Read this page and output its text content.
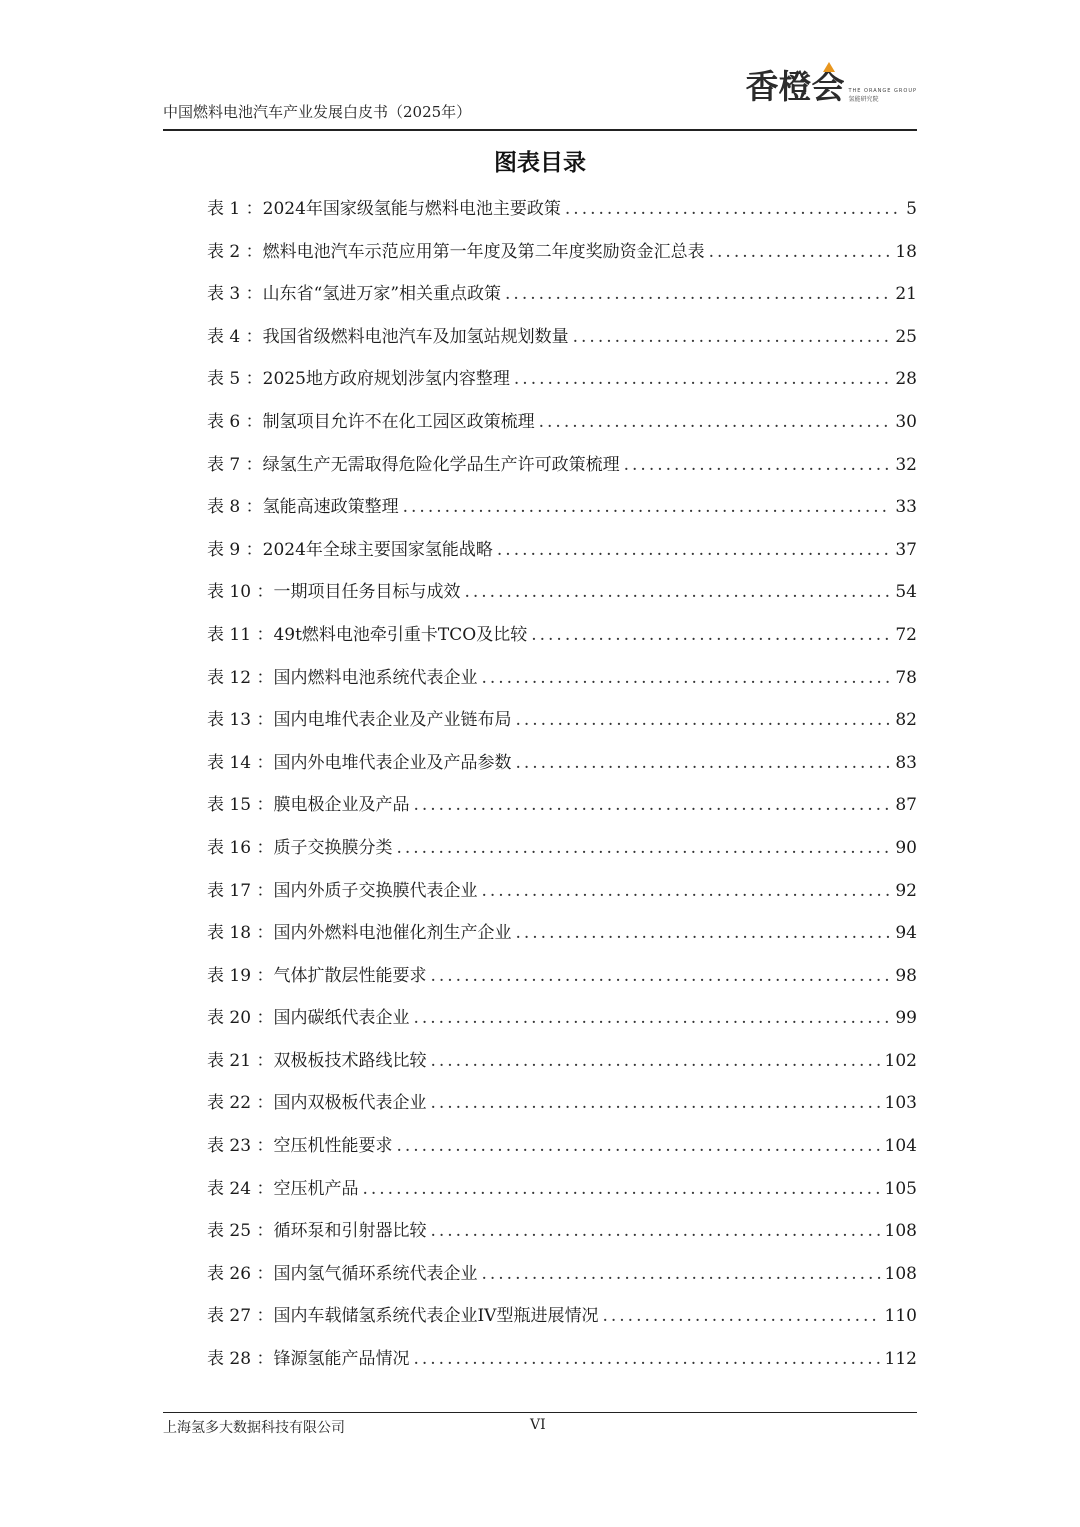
中国燃料电池汽车产业发展白皮书（2025年）
香橙会 THE ORANGE GROUP
氢能研究院
图表目录
表 1 ： 2024年国家级氢能与燃料电池主要政策 .....	5
表 2 ： 燃料电池汽车示范应用第一年度及第二年度奖励资金汇总表 .....	18
表 3 ： 山东省“氢进万家”相关重点政策 .....	21
表 4 ： 我国省级燃料电池汽车及加氢站规划数量 .....	25
表 5 ： 2025地方政府规划涉氢内容整理 .....	28
表 6 ： 制氢项目允许不在化工园区政策梳理 .....	30
表 7 ： 绿氢生产无需取得危险化学品生产许可政策梳理 .....	32
表 8 ： 氢能高速政策整理 .....	33
表 9 ： 2024年全球主要国家氢能战略 .....	37
表 10 ： 一期项目任务目标与成效 .....	54
表 11 ： 49t燃料电池牵引重卡TCO及比较 .....	72
表 12 ： 国内燃料电池系统代表企业 .....	78
表 13 ： 国内电堆代表企业及产业链布局 .....	82
表 14 ： 国内外电堆代表企业及产品参数 .....	83
表 15 ： 膜电极企业及产品 .....	87
表 16 ： 质子交换膜分类 .....	90
表 17 ： 国内外质子交换膜代表企业 .....	92
表 18 ： 国内外燃料电池催化剂生产企业 .....	94
表 19 ： 气体扩散层性能要求 .....	98
表 20 ： 国内碳纸代表企业 .....	99
表 21 ： 双极板技术路线比较 .....	102
表 22 ： 国内双极板代表企业 .....	103
表 23 ： 空压机性能要求 .....	104
表 24 ： 空压机产品 .....	105
表 25 ： 循环泵和引射器比较 .....	108
表 26 ： 国内氢气循环系统代表企业 .....	108
表 27 ： 国内车载储氢系统代表企业IV型瓶进展情况 .....	110
表 28 ： 锋源氢能产品情况 .....	112
上海氢多大数据科技有限公司	VI
